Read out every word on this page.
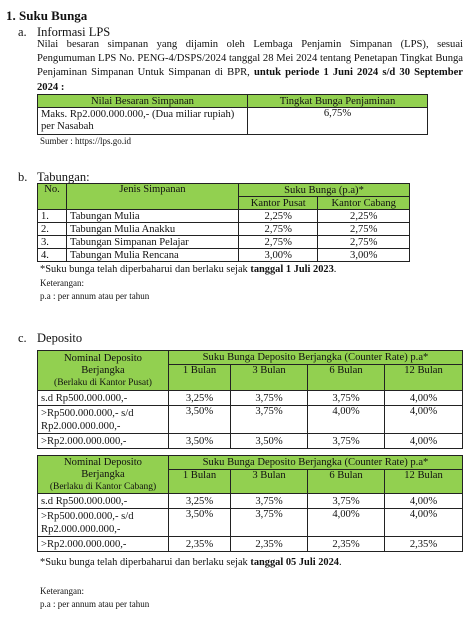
1. Suku Bunga
a. Informasi LPS
Nilai besaran simpanan yang dijamin oleh Lembaga Penjamin Simpanan (LPS), sesuai Pengumuman LPS No. PENG-4/DSPS/2024 tanggal 28 Mei 2024 tentang Penetapan Tingkat Bunga Penjaminan Simpanan Untuk Simpanan di BPR, untuk periode 1 Juni 2024 s/d 30 September 2024 :
Nilai Besaran Simpanan	Tingkat Bunga Penjaminan
Maks. Rp2.000.000.000,- (Dua miliar rupiah) per Nasabah	6,75%
Sumber : https://lps.go.id
b. Tabungan:
No.	Jenis Simpanan	Suku Bunga (p.a)*	
		Kantor Pusat	Kantor Cabang
1.	Tabungan Mulia	2,25%	2,25%
2.	Tabungan Mulia Anakku	2,75%	2,75%
3.	Tabungan Simpanan Pelajar	2,75%	2,75%
4.	Tabungan Mulia Rencana	3,00%	3,00%
*Suku bunga telah diperbaharui dan berlaku sejak tanggal 1 Juli 2023.
Keterangan:
p.a : per annum atau per tahun
c. Deposito
Nominal Deposito Berjangka
(Berlaku di Kantor Pusat)	Suku Bunga Deposito Berjangka (Counter Rate) p.a*			
	1 Bulan	3 Bulan	6 Bulan	12 Bulan
s.d Rp500.000.000,-	3,25%	3,75%	3,75%	4,00%
>Rp500.000.000,- s/d Rp2.000.000.000,-	3,50%	3,75%	4,00%	4,00%
>Rp2.000.000.000,-	3,50%	3,50%	3,75%	4,00%
Nominal Deposito Berjangka
(Berlaku di Kantor Cabang)	Suku Bunga Deposito Berjangka (Counter Rate) p.a*			
	1 Bulan	3 Bulan	6 Bulan	12 Bulan
s.d Rp500.000.000,-	3,25%	3,75%	3,75%	4,00%
>Rp500.000.000,- s/d Rp2.000.000.000,-	3,50%	3,75%	4,00%	4,00%
>Rp2.000.000.000,-	2,35%	2,35%	2,35%	2,35%
*Suku bunga telah diperbaharui dan berlaku sejak tanggal 05 Juli 2024.
Keterangan:
p.a : per annum atau per tahun
